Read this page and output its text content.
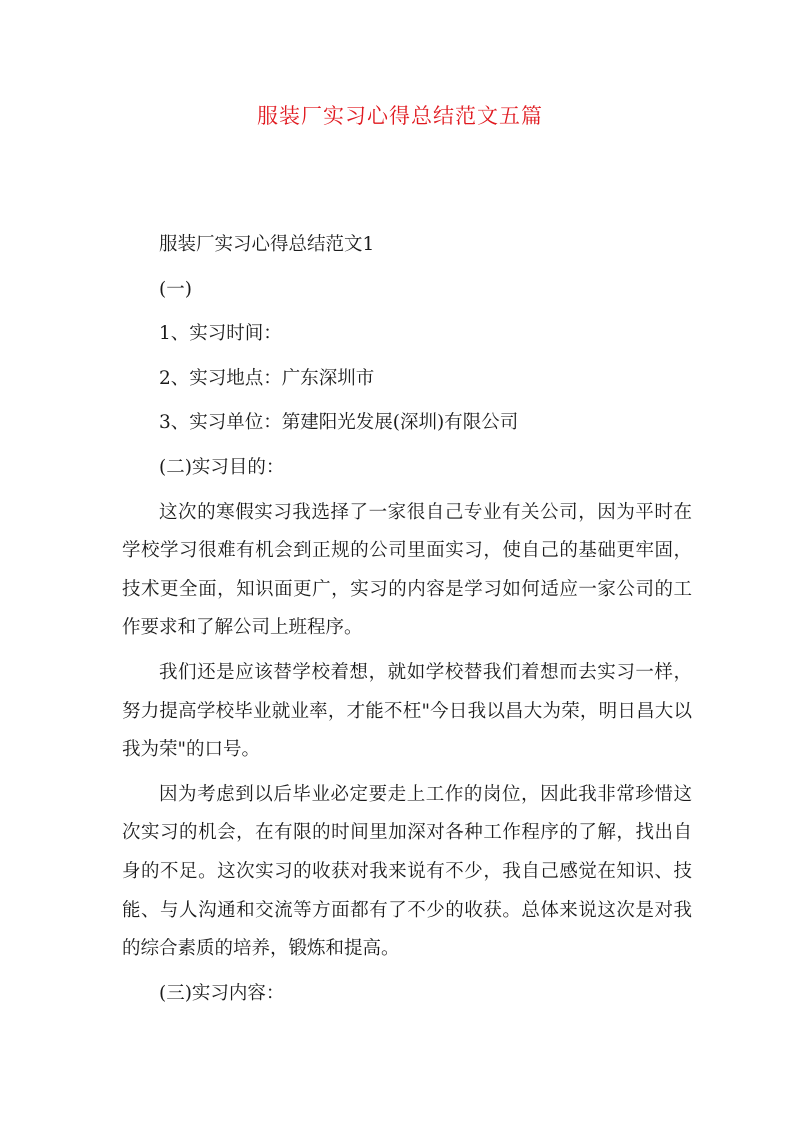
服装厂实习心得总结范文五篇

服装厂实习心得总结范文1

(一)

1、实习时间：

2、实习地点：广东深圳市

3、实习单位：第建阳光发展(深圳)有限公司

(二)实习目的：

这次的寒假实习我选择了一家很自己专业有关公司，因为平时在学校学习很难有机会到正规的公司里面实习，使自己的基础更牢固，技术更全面，知识面更广，实习的内容是学习如何适应一家公司的工作要求和了解公司上班程序。

我们还是应该替学校着想，就如学校替我们着想而去实习一样，努力提高学校毕业就业率，才能不枉"今日我以昌大为荣，明日昌大以我为荣"的口号。

因为考虑到以后毕业必定要走上工作的岗位，因此我非常珍惜这次实习的机会，在有限的时间里加深对各种工作程序的了解，找出自身的不足。这次实习的收获对我来说有不少，我自己感觉在知识、技能、与人沟通和交流等方面都有了不少的收获。总体来说这次是对我的综合素质的培养，锻炼和提高。

(三)实习内容：
